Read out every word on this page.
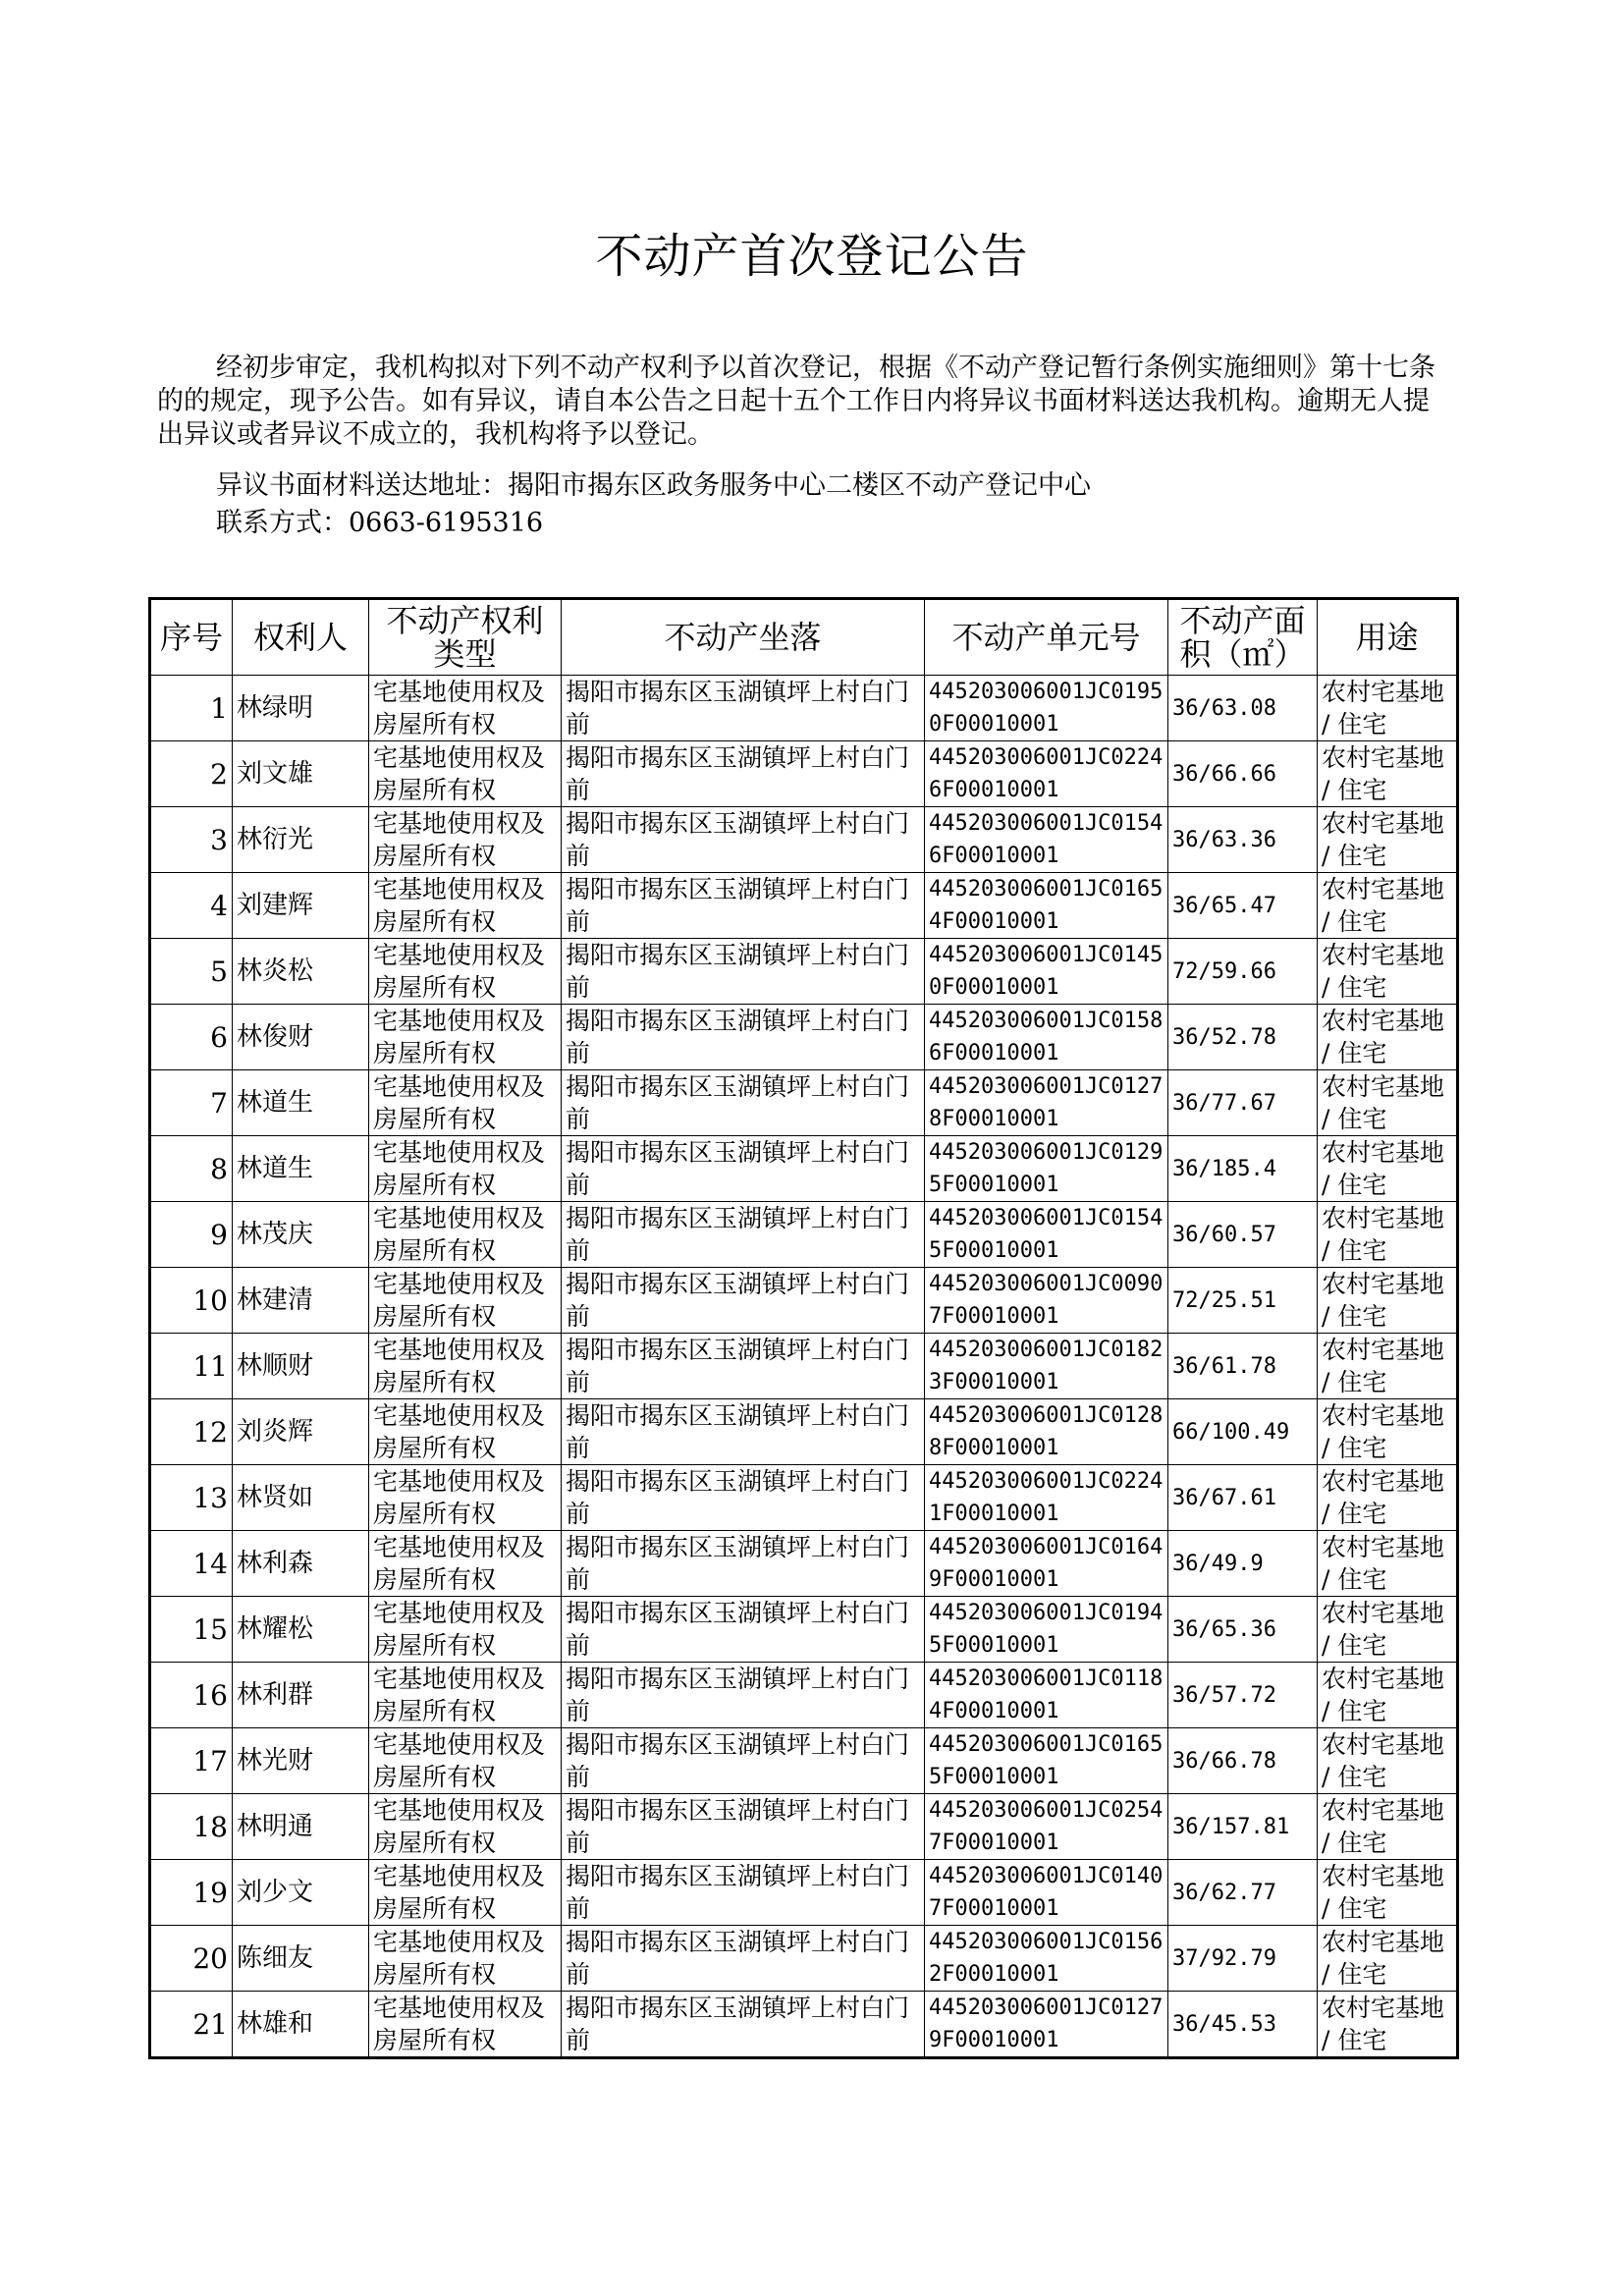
不动产首次登记公告
经初步审定，我机构拟对下列不动产权利予以首次登记，根据《不动产登记暂行条例实施细则》第十七条的的规定，现予公告。如有异议，请自本公告之日起十五个工作日内将异议书面材料送达我机构。逾期无人提出异议或者异议不成立的，我机构将予以登记。
异议书面材料送达地址：揭阳市揭东区政务服务中心二楼区不动产登记中心
联系方式：0663-6195316
序号	权利人	不动产权利类型	不动产坐落	不动产单元号	不动产面积（㎡）	用途
1	林绿明	宅基地使用权及房屋所有权	揭阳市揭东区玉湖镇坪上村白门前	445203006001JC01950F00010001	36/63.08	农村宅基地 / 住宅
2	刘文雄	宅基地使用权及房屋所有权	揭阳市揭东区玉湖镇坪上村白门前	445203006001JC02246F00010001	36/66.66	农村宅基地 / 住宅
3	林衍光	宅基地使用权及房屋所有权	揭阳市揭东区玉湖镇坪上村白门前	445203006001JC01546F00010001	36/63.36	农村宅基地 / 住宅
4	刘建辉	宅基地使用权及房屋所有权	揭阳市揭东区玉湖镇坪上村白门前	445203006001JC01654F00010001	36/65.47	农村宅基地 / 住宅
5	林炎松	宅基地使用权及房屋所有权	揭阳市揭东区玉湖镇坪上村白门前	445203006001JC01450F00010001	72/59.66	农村宅基地 / 住宅
6	林俊财	宅基地使用权及房屋所有权	揭阳市揭东区玉湖镇坪上村白门前	445203006001JC01586F00010001	36/52.78	农村宅基地 / 住宅
7	林道生	宅基地使用权及房屋所有权	揭阳市揭东区玉湖镇坪上村白门前	445203006001JC01278F00010001	36/77.67	农村宅基地 / 住宅
8	林道生	宅基地使用权及房屋所有权	揭阳市揭东区玉湖镇坪上村白门前	445203006001JC01295F00010001	36/185.4	农村宅基地 / 住宅
9	林茂庆	宅基地使用权及房屋所有权	揭阳市揭东区玉湖镇坪上村白门前	445203006001JC01545F00010001	36/60.57	农村宅基地 / 住宅
10	林建清	宅基地使用权及房屋所有权	揭阳市揭东区玉湖镇坪上村白门前	445203006001JC00907F00010001	72/25.51	农村宅基地 / 住宅
11	林顺财	宅基地使用权及房屋所有权	揭阳市揭东区玉湖镇坪上村白门前	445203006001JC01823F00010001	36/61.78	农村宅基地 / 住宅
12	刘炎辉	宅基地使用权及房屋所有权	揭阳市揭东区玉湖镇坪上村白门前	445203006001JC01288F00010001	66/100.49	农村宅基地 / 住宅
13	林贤如	宅基地使用权及房屋所有权	揭阳市揭东区玉湖镇坪上村白门前	445203006001JC02241F00010001	36/67.61	农村宅基地 / 住宅
14	林利森	宅基地使用权及房屋所有权	揭阳市揭东区玉湖镇坪上村白门前	445203006001JC01649F00010001	36/49.9	农村宅基地 / 住宅
15	林耀松	宅基地使用权及房屋所有权	揭阳市揭东区玉湖镇坪上村白门前	445203006001JC01945F00010001	36/65.36	农村宅基地 / 住宅
16	林利群	宅基地使用权及房屋所有权	揭阳市揭东区玉湖镇坪上村白门前	445203006001JC01184F00010001	36/57.72	农村宅基地 / 住宅
17	林光财	宅基地使用权及房屋所有权	揭阳市揭东区玉湖镇坪上村白门前	445203006001JC01655F00010001	36/66.78	农村宅基地 / 住宅
18	林明通	宅基地使用权及房屋所有权	揭阳市揭东区玉湖镇坪上村白门前	445203006001JC02547F00010001	36/157.81	农村宅基地 / 住宅
19	刘少文	宅基地使用权及房屋所有权	揭阳市揭东区玉湖镇坪上村白门前	445203006001JC01407F00010001	36/62.77	农村宅基地 / 住宅
20	陈细友	宅基地使用权及房屋所有权	揭阳市揭东区玉湖镇坪上村白门前	445203006001JC01562F00010001	37/92.79	农村宅基地 / 住宅
21	林雄和	宅基地使用权及房屋所有权	揭阳市揭东区玉湖镇坪上村白门前	445203006001JC01279F00010001	36/45.53	农村宅基地 / 住宅
